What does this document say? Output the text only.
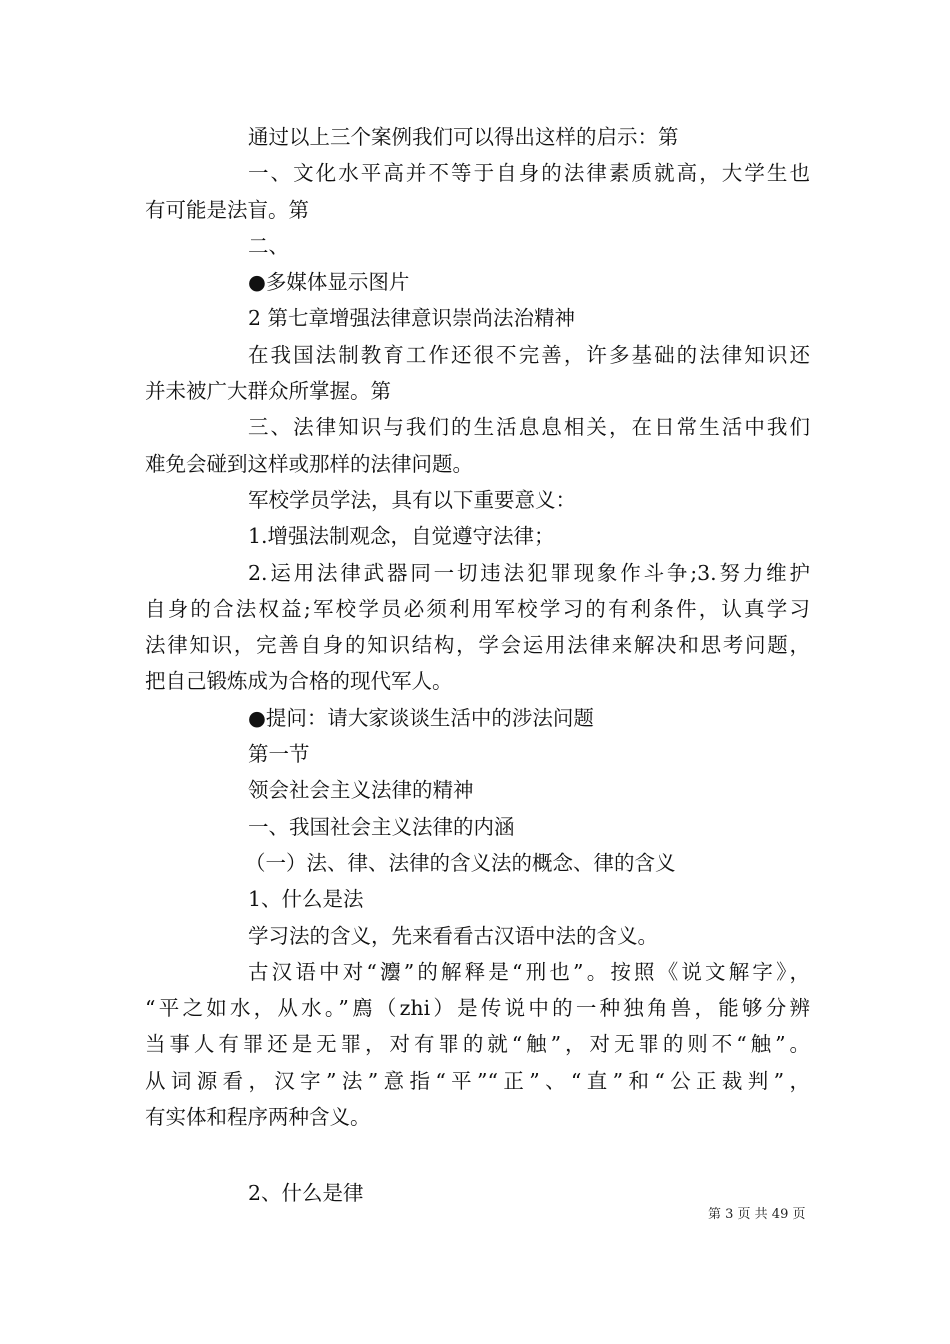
通过以上三个案例我们可以得出这样的启示：第
一、文化水平高并不等于自身的法律素质就高，大学生也
有可能是法盲。第
二、
●多媒体显示图片
2 第七章增强法律意识崇尚法治精神
在我国法制教育工作还很不完善，许多基础的法律知识还
并未被广大群众所掌握。第
三、法律知识与我们的生活息息相关，在日常生活中我们
难免会碰到这样或那样的法律问题。
军校学员学法，具有以下重要意义：
1.增强法制观念，自觉遵守法律；
2.运用法律武器同一切违法犯罪现象作斗争;3.努力维护
自身的合法权益;军校学员必须利用军校学习的有利条件，认真学习
法律知识，完善自身的知识结构，学会运用法律来解决和思考问题，
把自己锻炼成为合格的现代军人。
●提问：请大家谈谈生活中的涉法问题
第一节
领会社会主义法律的精神
一、我国社会主义法律的内涵
（一）法、律、法律的含义法的概念、律的含义
1、什么是法
学习法的含义，先来看看古汉语中法的含义。
古汉语中对“灋”的解释是“刑也”。按照《说文解字》，
“平之如水，从水。”廌（zhi）是传说中的一种独角兽，能够分辨
当事人有罪还是无罪，对有罪的就“触”，对无罪的则不“触”。
从词源看，汉字”法”意指“平”“正”、“直”和“公正裁判”，
有实体和程序两种含义。
2、什么是律
第 3 页 共 49 页
